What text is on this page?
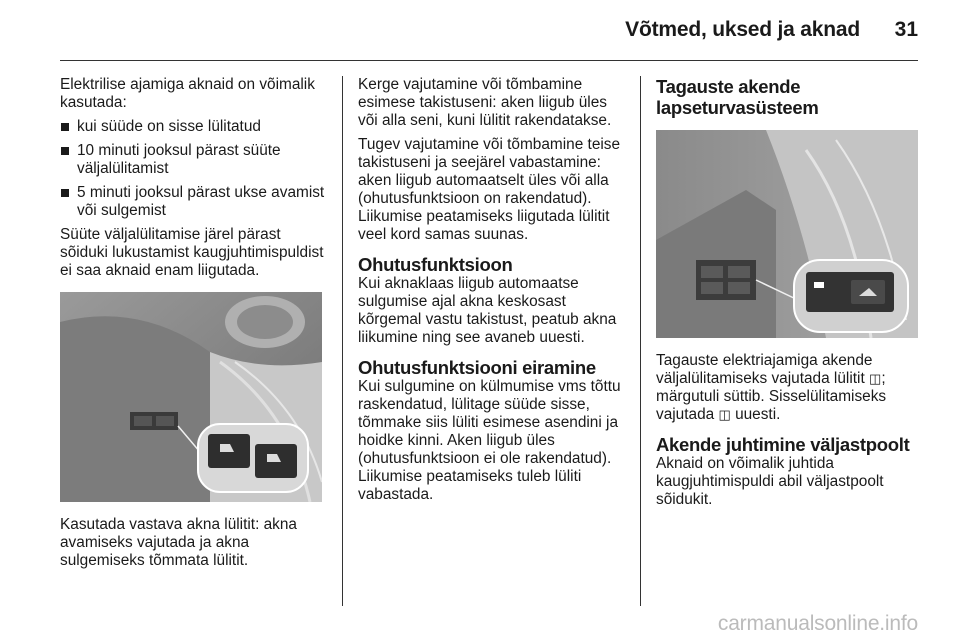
Võtmed, uksed ja aknad 31

Elektrilise ajamiga aknaid on võimalik kasutada:

kui süüde on sisse lülitatud
10 minuti jooksul pärast süüte väljalülitamist
5 minuti jooksul pärast ukse avamist või sulgemist

Süüte väljalülitamise järel pärast sõiduki lukustamist kaugjuhtimispuldist ei saa aknaid enam liigutada.

Kasutada vastava akna lülitit: akna avamiseks vajutada ja akna sulgemiseks tõmmata lülitit.

Kerge vajutamine või tõmbamine esimese takistuseni: aken liigub üles või alla seni, kuni lülitit rakendatakse.

Tugev vajutamine või tõmbamine teise takistuseni ja seejärel vabastamine: aken liigub automaatselt üles või alla (ohutusfunktsioon on rakendatud). Liikumise peatamiseks liigutada lülitit veel kord samas suunas.

Ohutusfunktsioon

Kui aknaklaas liigub automaatse sulgumise ajal akna keskosast kõrgemal vastu takistust, peatub akna liikumine ning see avaneb uuesti.

Ohutusfunktsiooni eiramine

Kui sulgumine on külmumise vms tõttu raskendatud, lülitage süüde sisse, tõmmake siis lüliti esimese asendini ja hoidke kinni. Aken liigub üles (ohutusfunktsioon ei ole rakendatud). Liikumise peatamiseks tuleb lüliti vabastada.

Tagauste akende lapseturvasüsteem

Tagauste elektriajamiga akende väljalülitamiseks vajutada lülitit ◫; märgutuli süttib. Sisselülitamiseks vajutada ◫ uuesti.

Akende juhtimine väljastpoolt

Aknaid on võimalik juhtida kaugjuhtimispuldi abil väljastpoolt sõidukit.

carmanualsonline.info
